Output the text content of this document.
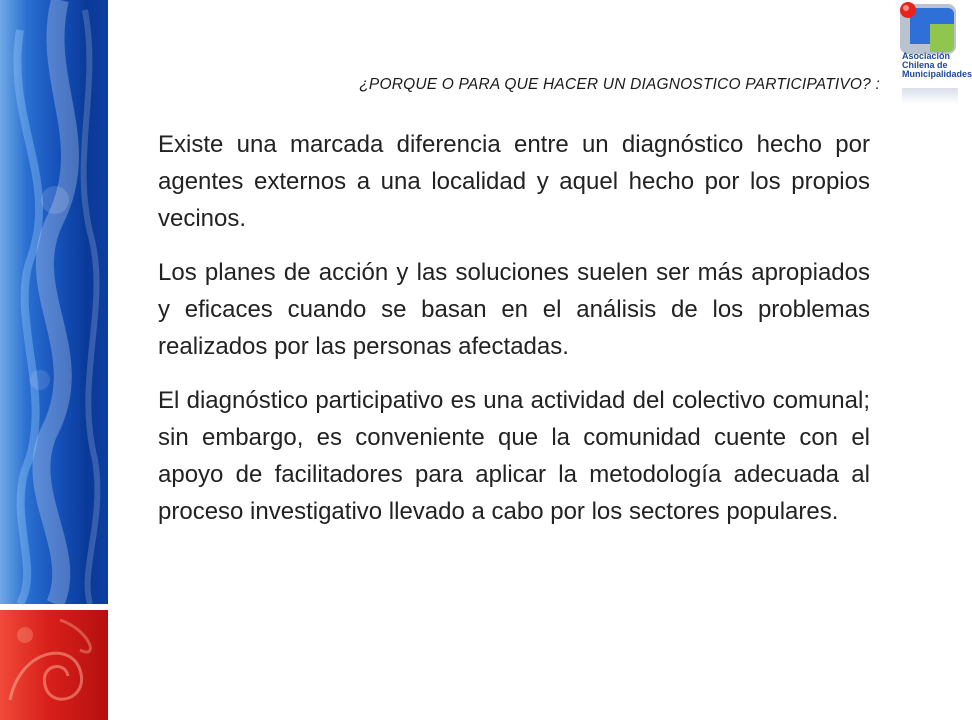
Asociación
Chilena de
Municipalidades
¿PORQUE O PARA QUE HACER UN DIAGNOSTICO PARTICIPATIVO? :

Existe una marcada diferencia entre un diagnóstico hecho por agentes externos a una localidad y aquel hecho por los propios vecinos.

Los planes de acción y las soluciones suelen ser más apropiados y eficaces cuando se basan en el análisis de los problemas realizados por las personas afectadas.

El diagnóstico participativo es una actividad del colectivo comunal; sin embargo, es conveniente que la comunidad cuente con el apoyo de facilitadores para aplicar la metodología adecuada al proceso investigativo llevado a cabo por los sectores populares.
